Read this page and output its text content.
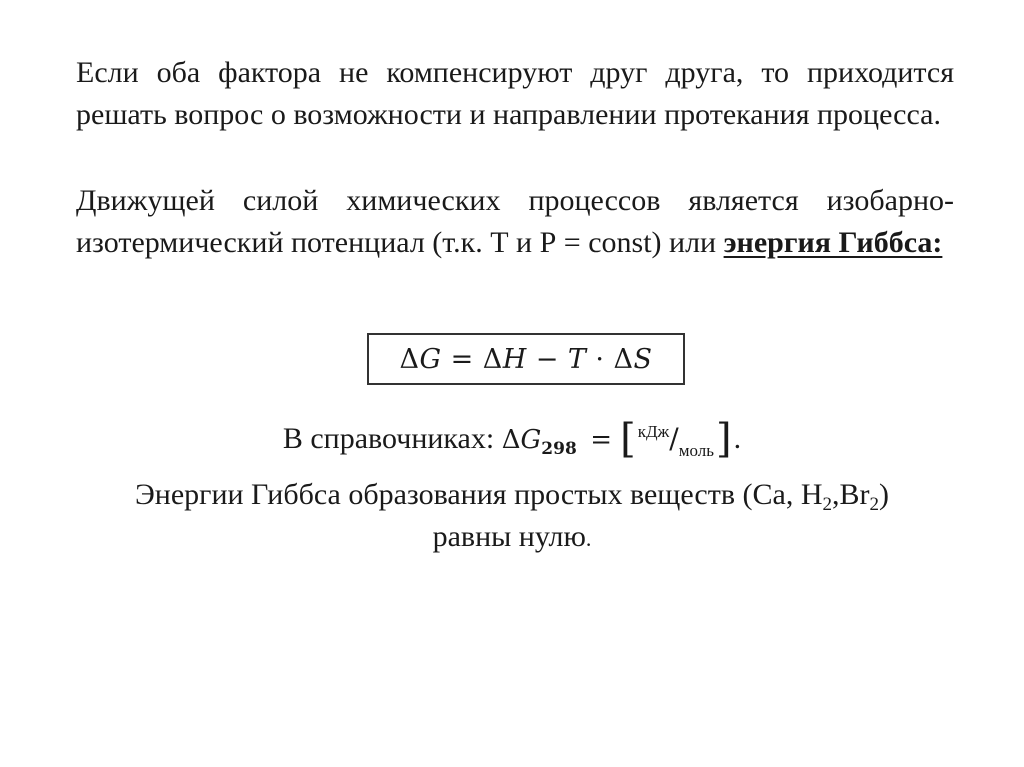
Если оба фактора не компенсируют друг друга, то приходится решать вопрос о возможности и направлении протекания процесса.

Движущей силой химических процессов является изобарно-изотермический потенциал (т.к. Т и Р = const) или энергия Гиббса:

ΔG = ΔH − T · ΔS
В справочниках: $\Delta G_{298}$ = [ $^{кДж}/_{моль}$].
Энергии Гиббса образования простых веществ (Ca, $H_2,Br_2$)
равны нулю.
